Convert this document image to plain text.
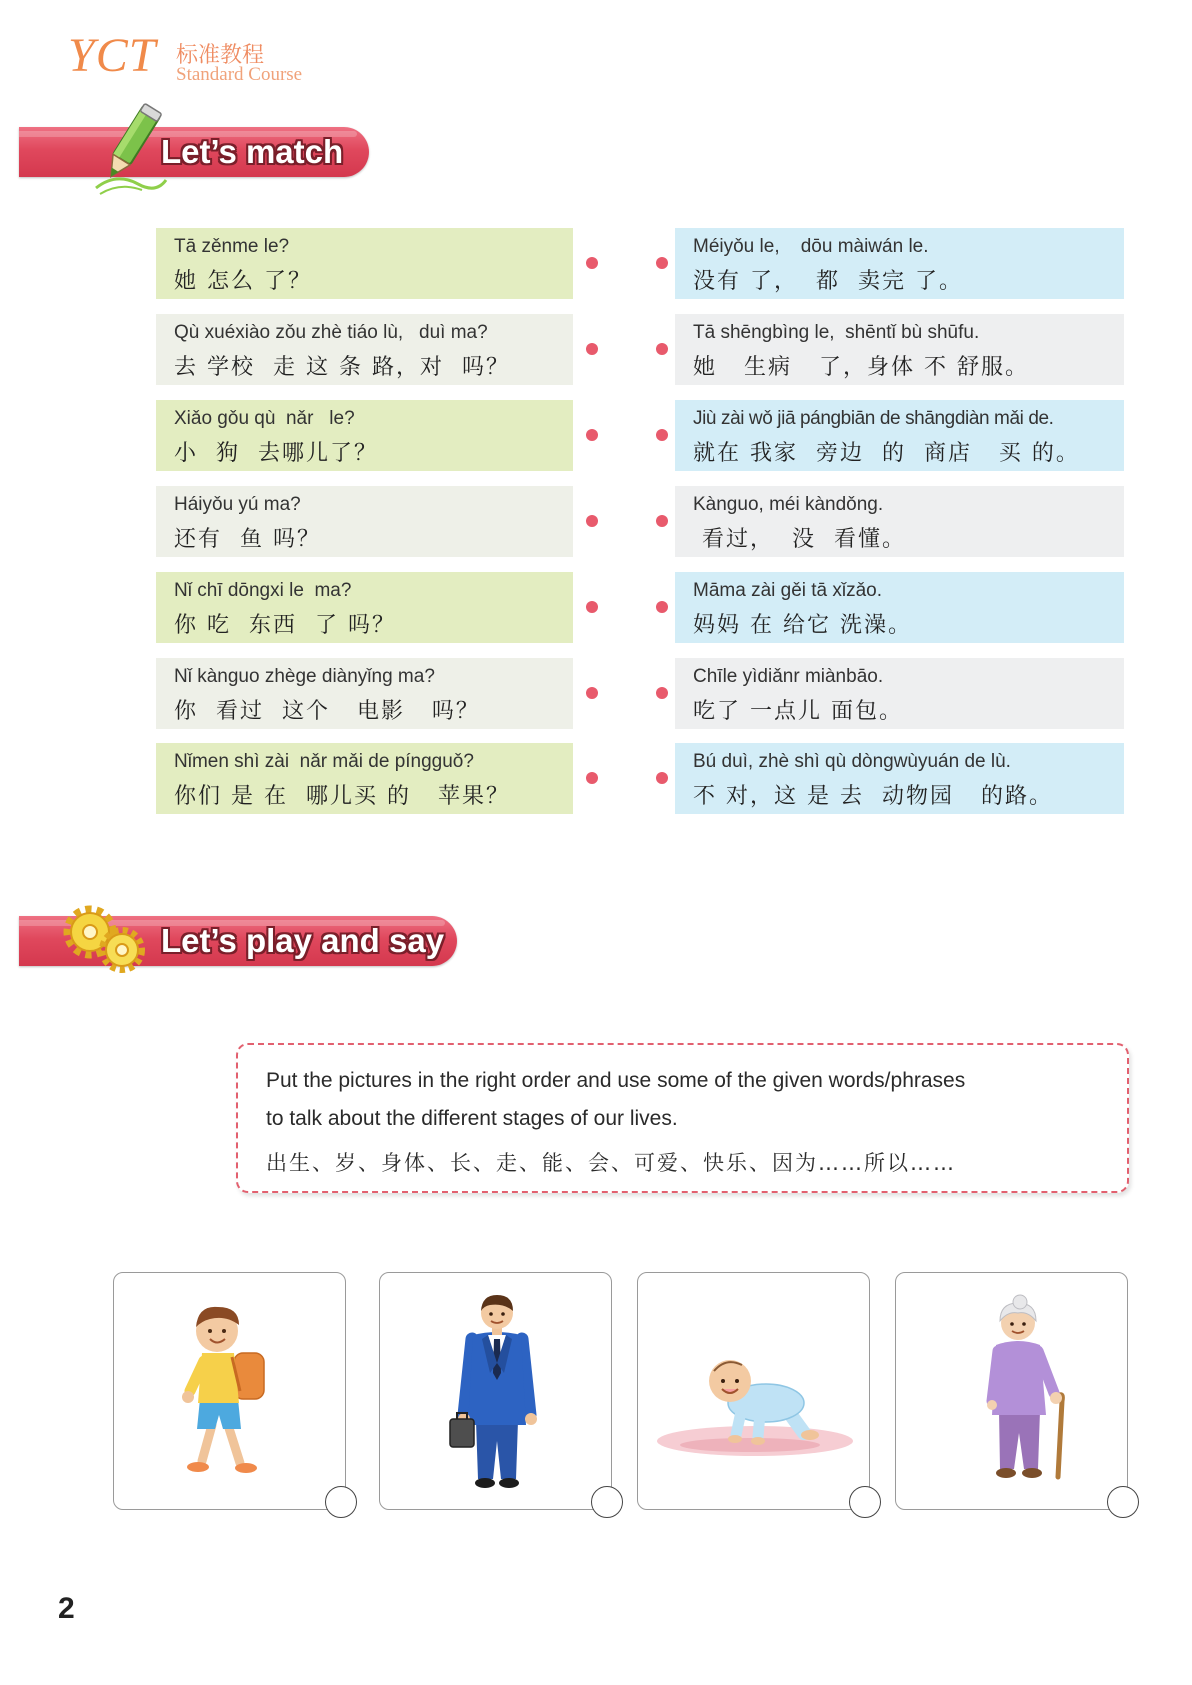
YCT 标准教程
Standard Course
Let’s match
Tā zěnme le?
她 怎么 了？
Qù xuéxiào zǒu zhè tiáo lù,   duì ma?
去 学校  走 这 条 路，对  吗？
Xiǎo gǒu qù  nǎr   le?
小  狗  去哪儿了？
Háiyǒu yú ma?
还有  鱼 吗？
Nǐ chī dōngxi le  ma?
你 吃  东西  了 吗？
Nǐ kànguo zhège diànyǐng ma?
你  看过  这个   电影   吗？
Nǐmen shì zài  nǎr mǎi de píngguǒ?
你们 是 在  哪儿买 的   苹果？
Méiyǒu le,    dōu màiwán le.
没有 了，  都  卖完 了。
Tā shēngbìng le,  shēntǐ bù shūfu.
她   生病   了，身体 不 舒服。
Jiù zài wǒ jiā pángbiān de shāngdiàn mǎi de.
就在 我家  旁边  的  商店   买 的。
Kànguo, méi kàndǒng.
看过，  没  看懂。
Māma zài gěi tā xǐzǎo.
妈妈 在 给它 洗澡。
Chīle yìdiǎnr miànbāo.
吃了 一点儿 面包。
Bú duì, zhè shì qù dòngwùyuán de lù.
不 对，这 是 去  动物园   的路。
Let’s play and say
Put the pictures in the right order and use some of the given words/phrases
to talk about the different stages of our lives.
出生、岁、身体、长、走、能、会、可爱、快乐、因为……所以……
2
